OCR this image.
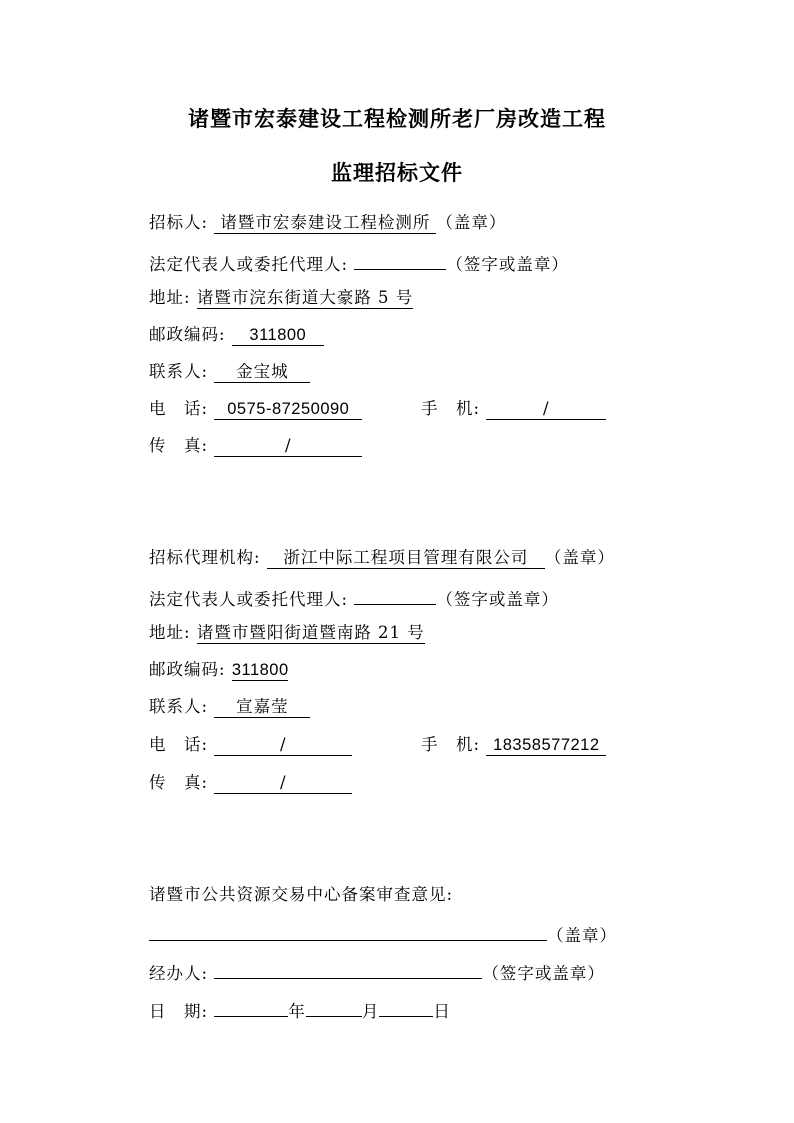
诸暨市宏泰建设工程检测所老厂房改造工程
监理招标文件
招标人: 诸暨市宏泰建设工程检测所 （盖章）
法定代表人或委托代理人:	（签字或盖章）
地址: 诸暨市浣东街道大豪路 5 号
邮政编码: 311800
联系人: 金宝城
电　话: 0575-87250090	手　机:	/
传　真:	/
招标代理机构: 浙江中际工程项目管理有限公司 （盖章）
法定代表人或委托代理人:	（签字或盖章）
地址: 诸暨市暨阳街道暨南路 21 号
邮政编码: 311800
联系人: 宣嘉莹
电　话:	/	手　机: 18358577212
传　真:	/
诸暨市公共资源交易中心备案审查意见:
（盖章）
经办人:	（签字或盖章）
日　期:	年	月	日
